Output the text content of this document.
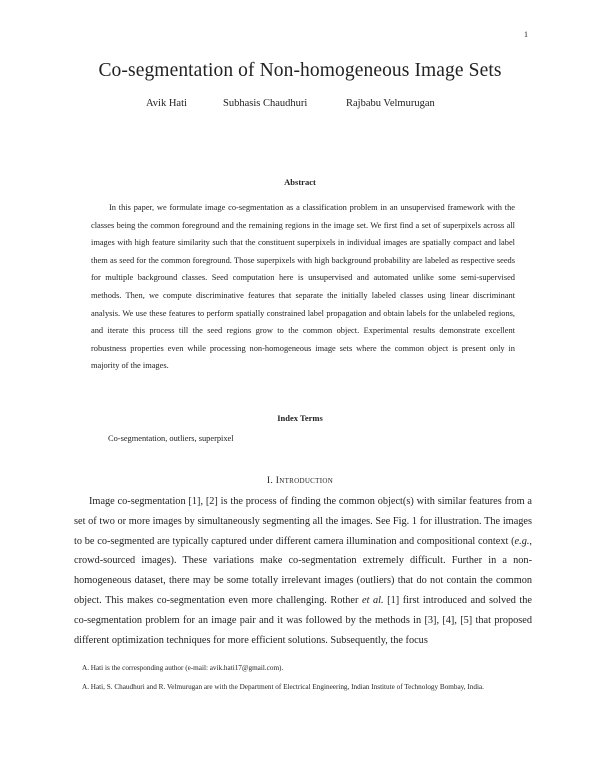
1
Co-segmentation of Non-homogeneous Image Sets
Avik Hati	Subhasis Chaudhuri	Rajbabu Velmurugan
Abstract

In this paper, we formulate image co-segmentation as a classification problem in an unsupervised framework with the classes being the common foreground and the remaining regions in the image set. We first find a set of superpixels across all images with high feature similarity such that the constituent superpixels in individual images are spatially compact and label them as seed for the common foreground. Those superpixels with high background probability are labeled as respective seeds for multiple background classes. Seed computation here is unsupervised and automated unlike some semi-supervised methods. Then, we compute discriminative features that separate the initially labeled classes using linear discriminant analysis. We use these features to perform spatially constrained label propagation and obtain labels for the unlabeled regions, and iterate this process till the seed regions grow to the common object. Experimental results demonstrate excellent robustness properties even while processing non-homogeneous image sets where the common object is present only in majority of the images.

Index Terms
Co-segmentation, outliers, superpixel
I. Introduction

Image co-segmentation [1], [2] is the process of finding the common object(s) with similar features from a set of two or more images by simultaneously segmenting all the images. See Fig. 1 for illustration. The images to be co-segmented are typically captured under different camera illumination and compositional context (e.g., crowd-sourced images). These variations make co-segmentation extremely difficult. Further in a non-homogeneous dataset, there may be some totally irrelevant images (outliers) that do not contain the common object. This makes co-segmentation even more challenging. Rother et al. [1] first introduced and solved the co-segmentation problem for an image pair and it was followed by the methods in [3], [4], [5] that proposed different optimization techniques for more efficient solutions. Subsequently, the focus

A. Hati is the corresponding author (e-mail: avik.hati17@gmail.com).

A. Hati, S. Chaudhuri and R. Velmurugan are with the Department of Electrical Engineering, Indian Institute of Technology Bombay, India.
